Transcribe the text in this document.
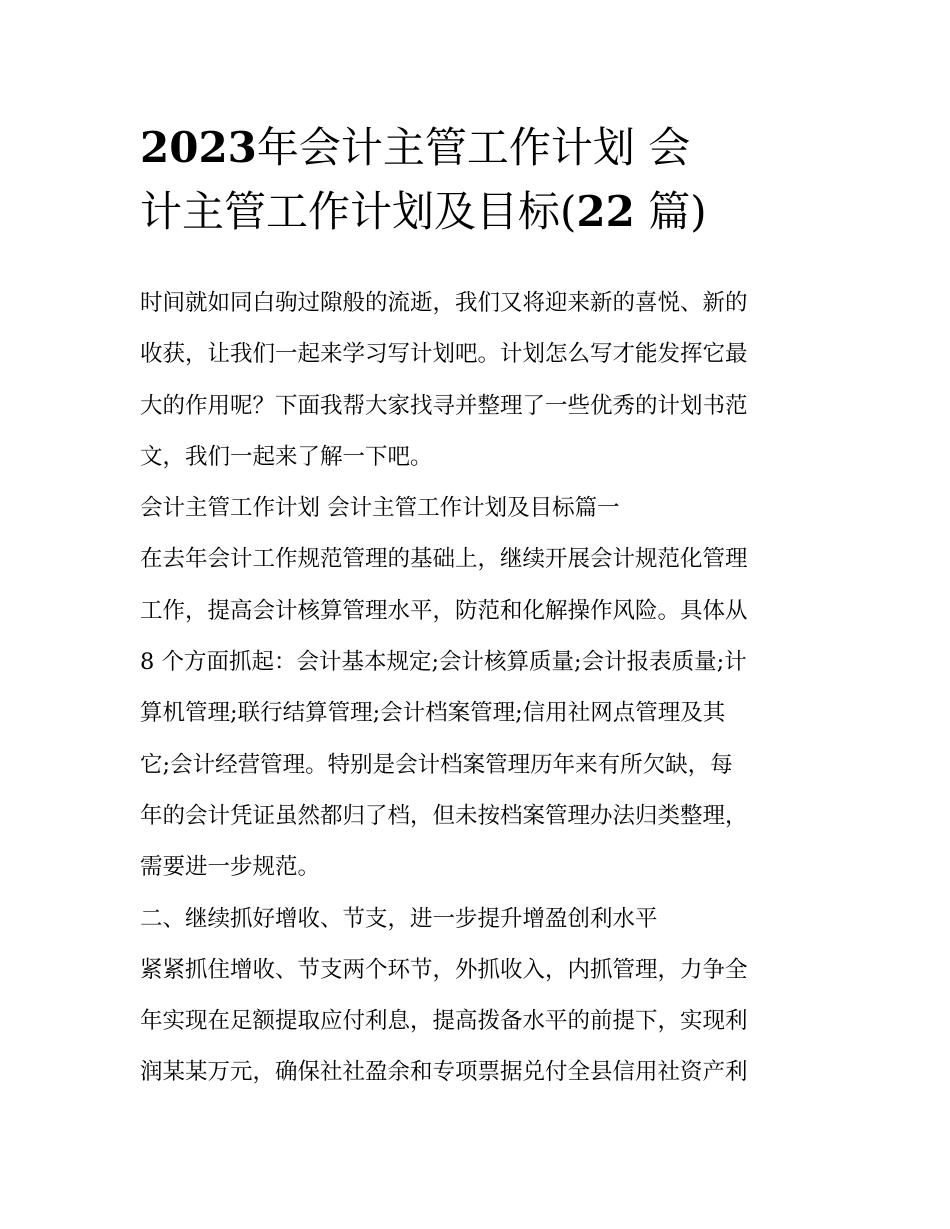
2023年会计主管工作计划 会
计主管工作计划及目标(22 篇)
时间就如同白驹过隙般的流逝，我们又将迎来新的喜悦、新的
收获，让我们一起来学习写计划吧。计划怎么写才能发挥它最
大的作用呢？下面我帮大家找寻并整理了一些优秀的计划书范
文，我们一起来了解一下吧。
会计主管工作计划 会计主管工作计划及目标篇一
在去年会计工作规范管理的基础上，继续开展会计规范化管理
工作，提高会计核算管理水平，防范和化解操作风险。具体从
8 个方面抓起：会计基本规定;会计核算质量;会计报表质量;计
算机管理;联行结算管理;会计档案管理;信用社网点管理及其
它;会计经营管理。特别是会计档案管理历年来有所欠缺，每
年的会计凭证虽然都归了档，但未按档案管理办法归类整理，
需要进一步规范。
二、继续抓好增收、节支，进一步提升增盈创利水平
紧紧抓住增收、节支两个环节，外抓收入，内抓管理，力争全
年实现在足额提取应付利息，提高拨备水平的前提下，实现利
润某某万元，确保社社盈余和专项票据兑付全县信用社资产利
